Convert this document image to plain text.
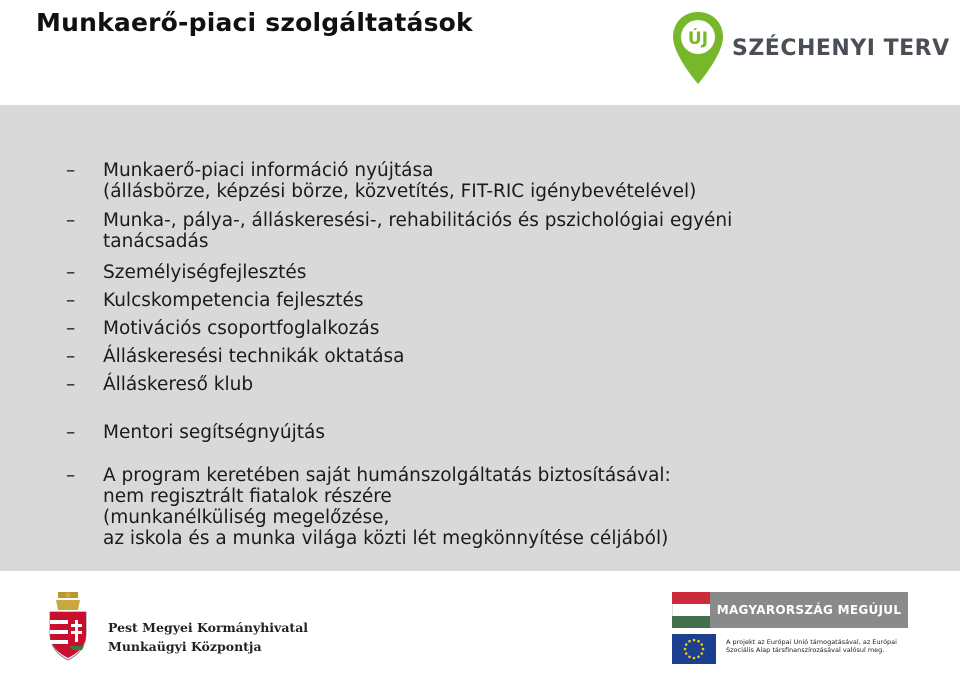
Munkaerő-piaci szolgáltatások
ÚJ SZÉCHENYI TERV
–	Munkaerő-piaci információ nyújtása
(állásbörze, képzési börze, közvetítés, FIT-RIC igénybevételével)
–	Munka-, pálya-, álláskeresési-, rehabilitációs és pszichológiai egyéni
tanácsadás
–	Személyiségfejlesztés
–	Kulcskompetencia fejlesztés
–	Motivációs csoportfoglalkozás
–	Álláskeresési technikák oktatása
–	Álláskereső klub
–	Mentori segítségnyújtás
–	A program keretében saját humánszolgáltatás biztosításával:
nem regisztrált fiatalok részére
(munkanélküliség megelőzése,
az iskola és a munka világa közti lét megkönnyítése céljából)
Pest Megyei Kormányhivatal
Munkaügyi Központja
MAGYARORSZÁG MEGÚJUL
A projekt az Európai Unió támogatásával, az Európai Szociális Alap társfinanszírozásával valósul meg.
